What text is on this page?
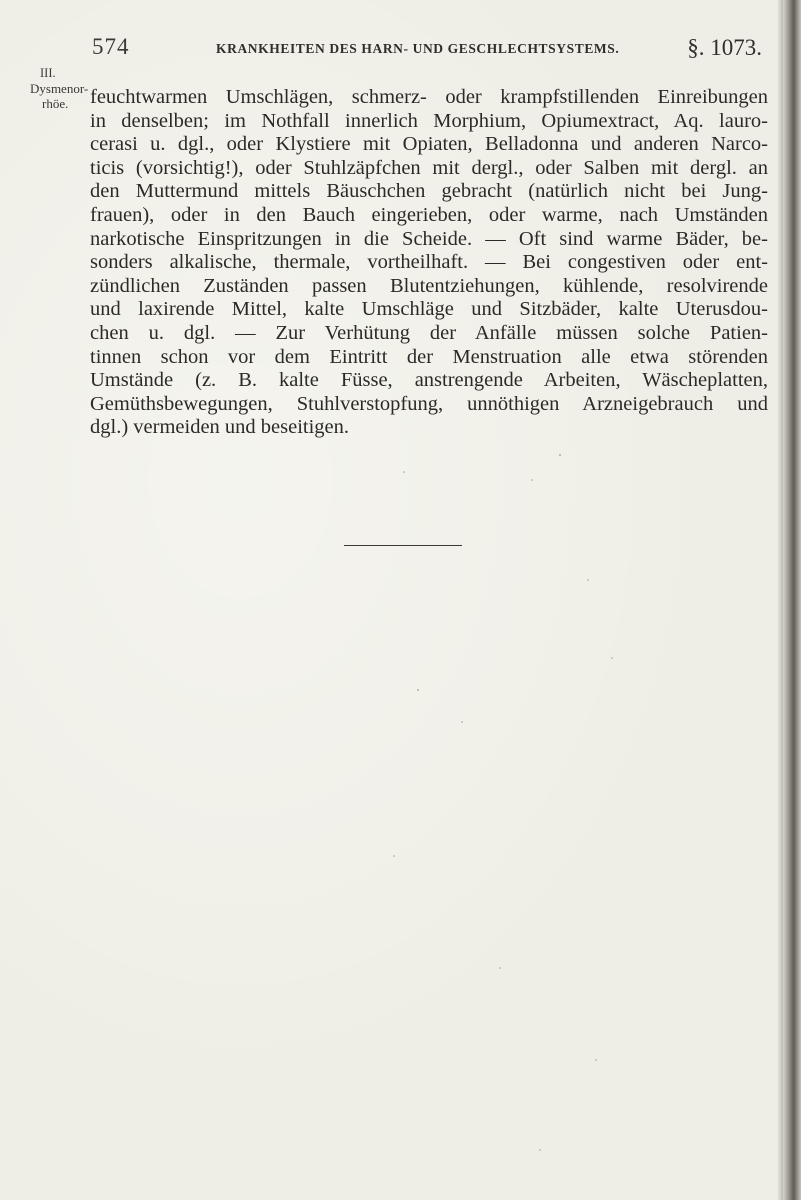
574	KRANKHEITEN DES HARN- UND GESCHLECHTSYSTEMS.	§. 1073.
III.
Dysmenor-
rhöe.	feuchtwarmen Umschlägen, schmerz- oder krampfstillenden Einreibungen
in denselben; im Nothfall innerlich Morphium, Opiumextract, Aq. lauro-
cerasi u. dgl., oder Klystiere mit Opiaten, Belladonna und anderen Narco-
ticis (vorsichtig!), oder Stuhlzäpfchen mit dergl., oder Salben mit dergl. an
den Muttermund mittels Bäuschchen gebracht (natürlich nicht bei Jung-
frauen), oder in den Bauch eingerieben, oder warme, nach Umständen
narkotische Einspritzungen in die Scheide. — Oft sind warme Bäder, be-
sonders alkalische, thermale, vortheilhaft. — Bei congestiven oder ent-
zündlichen Zuständen passen Blutentziehungen, kühlende, resolvirende
und laxirende Mittel, kalte Umschläge und Sitzbäder, kalte Uterusdou-
chen u. dgl. — Zur Verhütung der Anfälle müssen solche Patien-
tinnen schon vor dem Eintritt der Menstruation alle etwa störenden
Umstände (z. B. kalte Füsse, anstrengende Arbeiten, Wäscheplatten,
Gemüthsbewegungen, Stuhlverstopfung, unnöthigen Arzneigebrauch und
dgl.) vermeiden und beseitigen.
